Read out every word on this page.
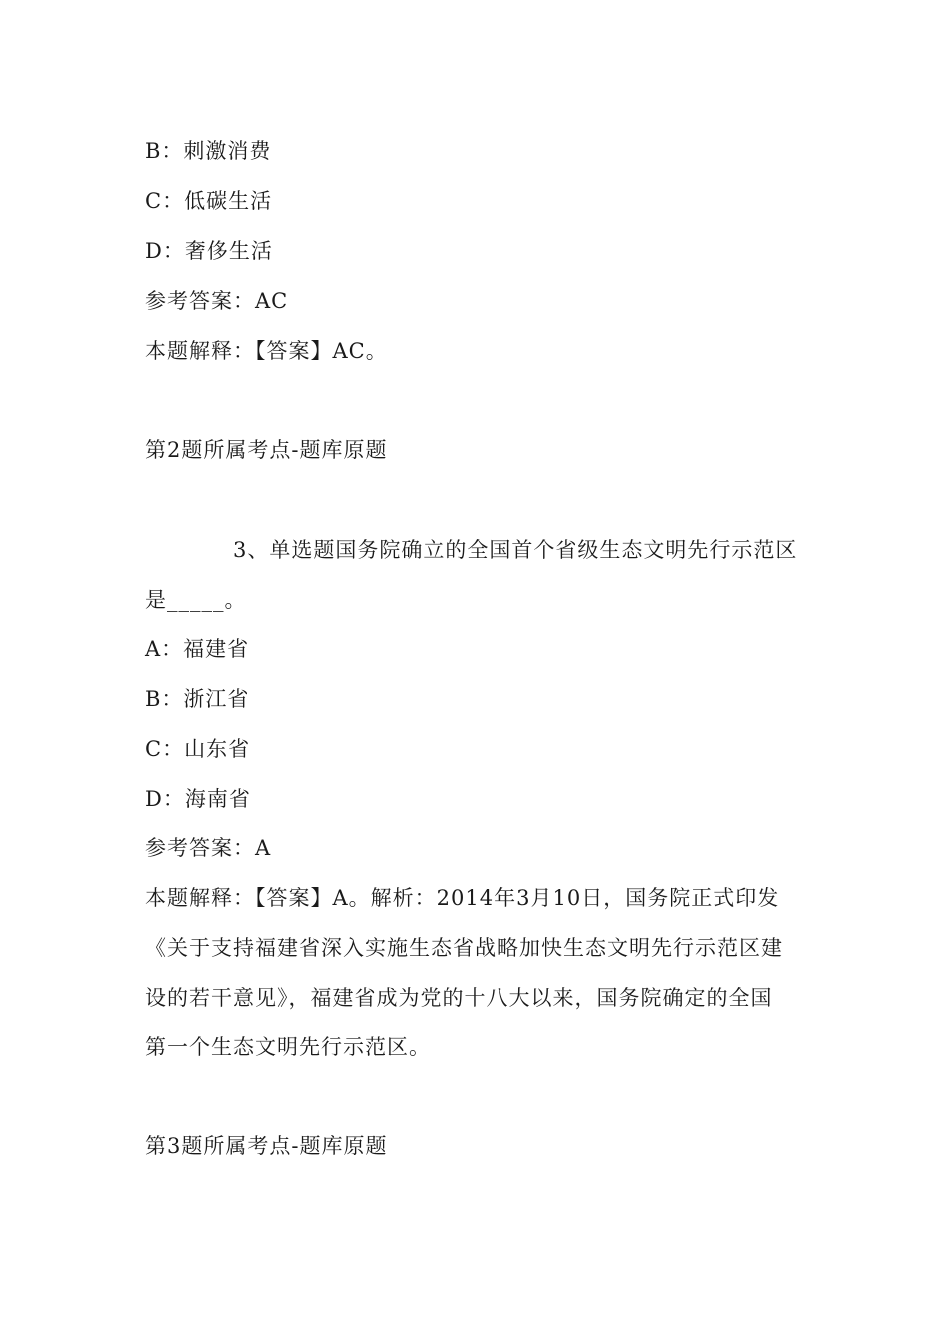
B：刺激消费
C：低碳生活
D：奢侈生活
参考答案：AC
本题解释：【答案】AC。
第2题所属考点-题库原题
3、单选题国务院确立的全国首个省级生态文明先行示范区
是_____。
A：福建省
B：浙江省
C：山东省
D：海南省
参考答案：A
本题解释：【答案】A。解析：2014年3月10日，国务院正式印发
《关于支持福建省深入实施生态省战略加快生态文明先行示范区建
设的若干意见》，福建省成为党的十八大以来，国务院确定的全国
第一个生态文明先行示范区。
第3题所属考点-题库原题
